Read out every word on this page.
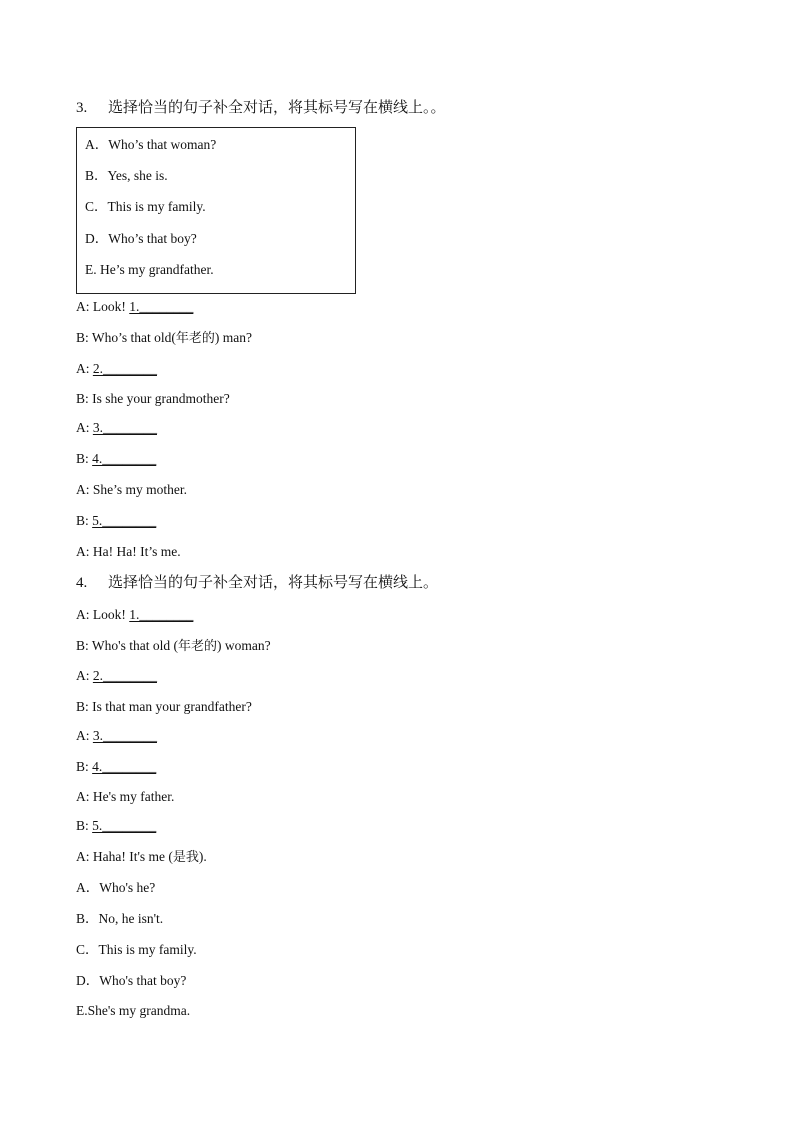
3. 选择恰当的句子补全对话，将其标号写在横线上。。
A．Who’s that woman?
B．Yes, she is.
C．This is my family.
D．Who’s that boy?
E. He’s my grandfather.
A: Look! 1.________
B: Who’s that old(年老的) man?
A: 2.________
B: Is she your grandmother?
A: 3.________
B: 4.________
A: She’s my mother.
B: 5.________
A: Ha! Ha! It’s me.
4. 选择恰当的句子补全对话，将其标号写在横线上。
A: Look! 1.________
B: Who's that old (年老的) woman?
A: 2.________
B: Is that man your grandfather?
A: 3.________
B: 4.________
A: He's my father.
B: 5.________
A: Haha! It's me (是我).
A．Who's he?
B．No, he isn't.
C．This is my family.
D．Who's that boy?
E.She's my grandma.
